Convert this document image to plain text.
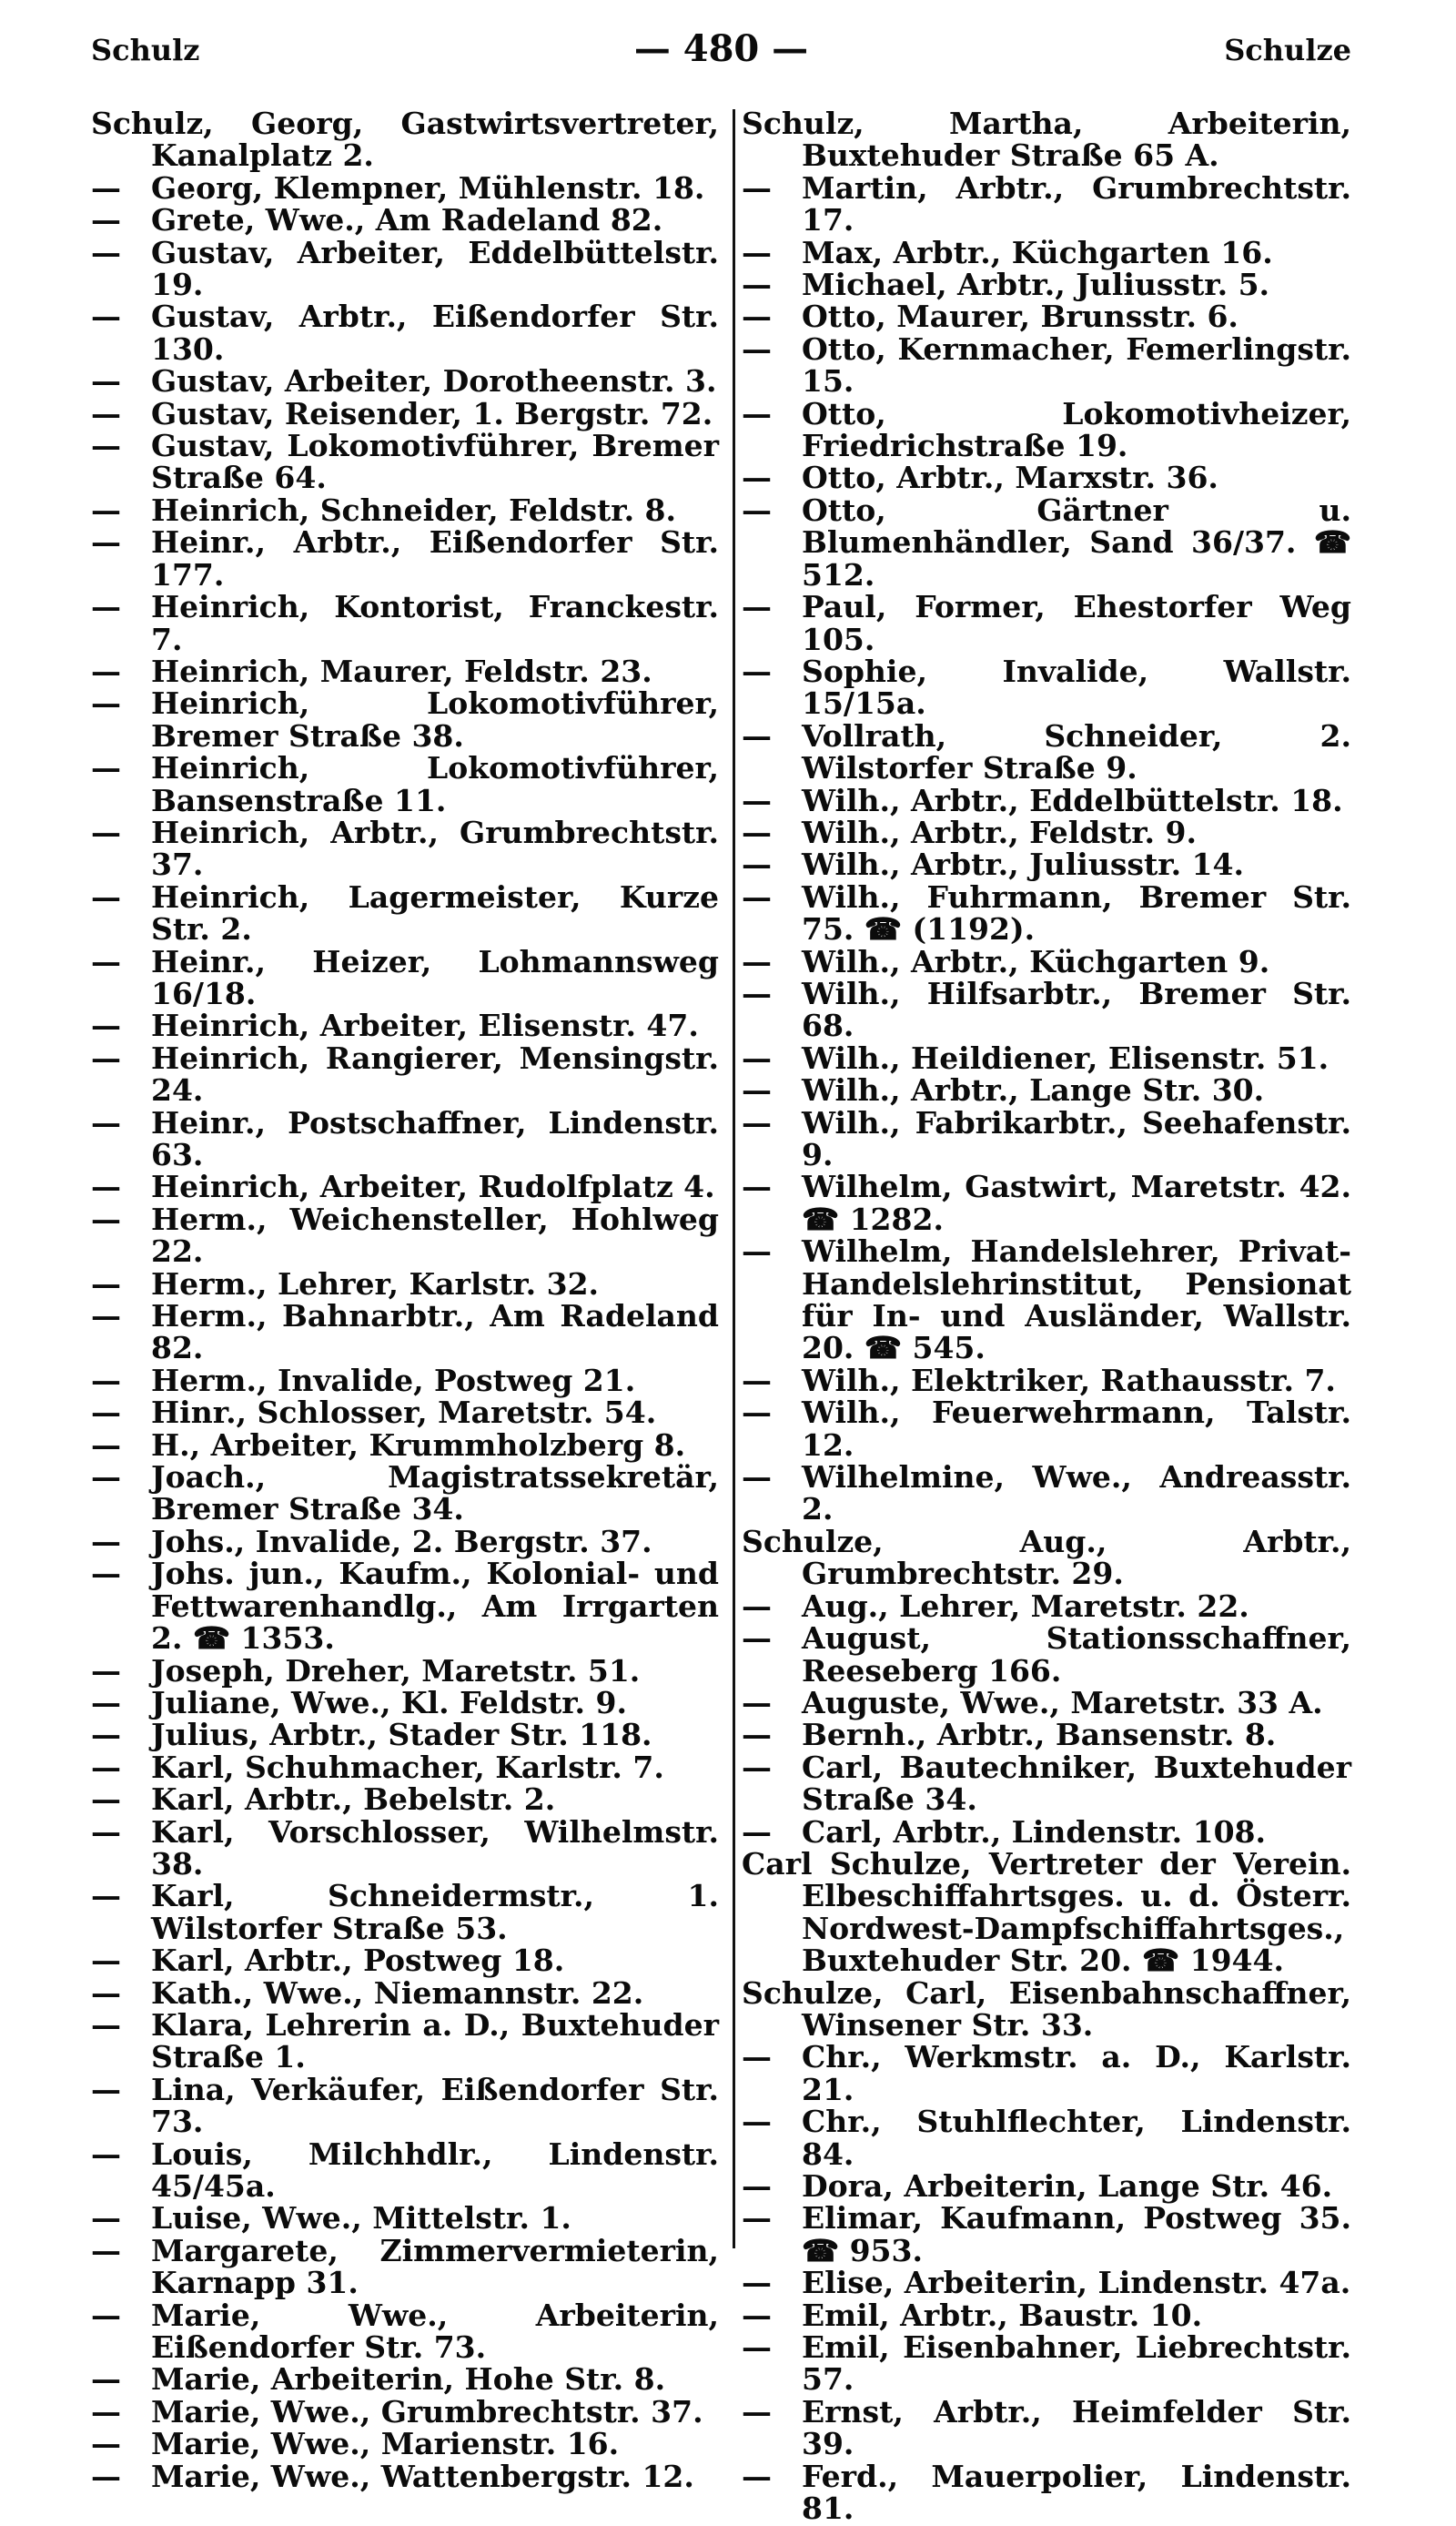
Schulz	— 480 —	Schulze

Schulz, Georg, Gastwirtsvertreter, Kanalplatz 2.

— Georg, Klempner, Mühlenstr. 18.

— Grete, Wwe., Am Radeland 82.

— Gustav, Arbeiter, Eddelbüttelstr. 19.

— Gustav, Arbtr., Eißendorfer Str. 130.

— Gustav, Arbeiter, Dorotheenstr. 3.

— Gustav, Reisender, 1. Bergstr. 72.

— Gustav, Lokomotivführer, Bremer Straße 64.

— Heinrich, Schneider, Feldstr. 8.

— Heinr., Arbtr., Eißendorfer Str. 177.

— Heinrich, Kontorist, Franckestr. 7.

— Heinrich, Maurer, Feldstr. 23.

— Heinrich, Lokomotivführer, Bremer Straße 38.

— Heinrich, Lokomotivführer, Bansenstraße 11.

— Heinrich, Arbtr., Grumbrechtstr. 37.

— Heinrich, Lagermeister, Kurze Str. 2.

— Heinr., Heizer, Lohmannsweg 16/18.

— Heinrich, Arbeiter, Elisenstr. 47.

— Heinrich, Rangierer, Mensingstr. 24.

— Heinr., Postschaffner, Lindenstr. 63.

— Heinrich, Arbeiter, Rudolfplatz 4.

— Herm., Weichensteller, Hohlweg 22.

— Herm., Lehrer, Karlstr. 32.

— Herm., Bahnarbtr., Am Radeland 82.

— Herm., Invalide, Postweg 21.

— Hinr., Schlosser, Maretstr. 54.

— H., Arbeiter, Krummholzberg 8.

— Joach., Magistratssekretär, Bremer Straße 34.

— Johs., Invalide, 2. Bergstr. 37.

— Johs. jun., Kaufm., Kolonial- und Fettwarenhandlg., Am Irrgarten 2. ☎ 1353.

— Joseph, Dreher, Maretstr. 51.

— Juliane, Wwe., Kl. Feldstr. 9.

— Julius, Arbtr., Stader Str. 118.

— Karl, Schuhmacher, Karlstr. 7.

— Karl, Arbtr., Bebelstr. 2.

— Karl, Vorschlosser, Wilhelmstr. 38.

— Karl, Schneidermstr., 1. Wilstorfer Straße 53.

— Karl, Arbtr., Postweg 18.

— Kath., Wwe., Niemannstr. 22.

— Klara, Lehrerin a. D., Buxtehuder Straße 1.

— Lina, Verkäufer, Eißendorfer Str. 73.

— Louis, Milchhdlr., Lindenstr. 45/45a.

— Luise, Wwe., Mittelstr. 1.

— Margarete, Zimmervermieterin, Karnapp 31.

— Marie, Wwe., Arbeiterin, Eißendorfer Str. 73.

— Marie, Arbeiterin, Hohe Str. 8.

— Marie, Wwe., Grumbrechtstr. 37.

— Marie, Wwe., Marienstr. 16.

— Marie, Wwe., Wattenbergstr. 12.

Schulz, Martha, Arbeiterin, Buxtehuder Straße 65 A.

— Martin, Arbtr., Grumbrechtstr. 17.

— Max, Arbtr., Küchgarten 16.

— Michael, Arbtr., Juliusstr. 5.

— Otto, Maurer, Brunsstr. 6.

— Otto, Kernmacher, Femerlingstr. 15.

— Otto, Lokomotivheizer, Friedrichstraße 19.

— Otto, Arbtr., Marxstr. 36.

— Otto, Gärtner u. Blumenhändler, Sand 36/37. ☎ 512.

— Paul, Former, Ehestorfer Weg 105.

— Sophie, Invalide, Wallstr. 15/15a.

— Vollrath, Schneider, 2. Wilstorfer Straße 9.

— Wilh., Arbtr., Eddelbüttelstr. 18.

— Wilh., Arbtr., Feldstr. 9.

— Wilh., Arbtr., Juliusstr. 14.

— Wilh., Fuhrmann, Bremer Str. 75. ☎ (1192).

— Wilh., Arbtr., Küchgarten 9.

— Wilh., Hilfsarbtr., Bremer Str. 68.

— Wilh., Heildiener, Elisenstr. 51.

— Wilh., Arbtr., Lange Str. 30.

— Wilh., Fabrikarbtr., Seehafenstr. 9.

— Wilhelm, Gastwirt, Maretstr. 42. ☎ 1282.

— Wilhelm, Handelslehrer, Privat-Handelslehrinstitut, Pensionat für In- und Ausländer, Wallstr. 20. ☎ 545.

— Wilh., Elektriker, Rathausstr. 7.

— Wilh., Feuerwehrmann, Talstr. 12.

— Wilhelmine, Wwe., Andreasstr. 2.

Schulze, Aug., Arbtr., Grumbrechtstr. 29.

— Aug., Lehrer, Maretstr. 22.

— August, Stationsschaffner, Reeseberg 166.

— Auguste, Wwe., Maretstr. 33 A.

— Bernh., Arbtr., Bansenstr. 8.

— Carl, Bautechniker, Buxtehuder Straße 34.

— Carl, Arbtr., Lindenstr. 108.

Carl Schulze, Vertreter der Verein. Elbeschiffahrtsges. u. d. Österr. Nordwest-Dampfschiffahrtsges., Buxtehuder Str. 20. ☎ 1944.

Schulze, Carl, Eisenbahnschaffner, Winsener Str. 33.

— Chr., Werkmstr. a. D., Karlstr. 21.

— Chr., Stuhlflechter, Lindenstr. 84.

— Dora, Arbeiterin, Lange Str. 46.

— Elimar, Kaufmann, Postweg 35. ☎ 953.

— Elise, Arbeiterin, Lindenstr. 47a.

— Emil, Arbtr., Baustr. 10.

— Emil, Eisenbahner, Liebrechtstr. 57.

— Ernst, Arbtr., Heimfelder Str. 39.

— Ferd., Mauerpolier, Lindenstr. 81.
